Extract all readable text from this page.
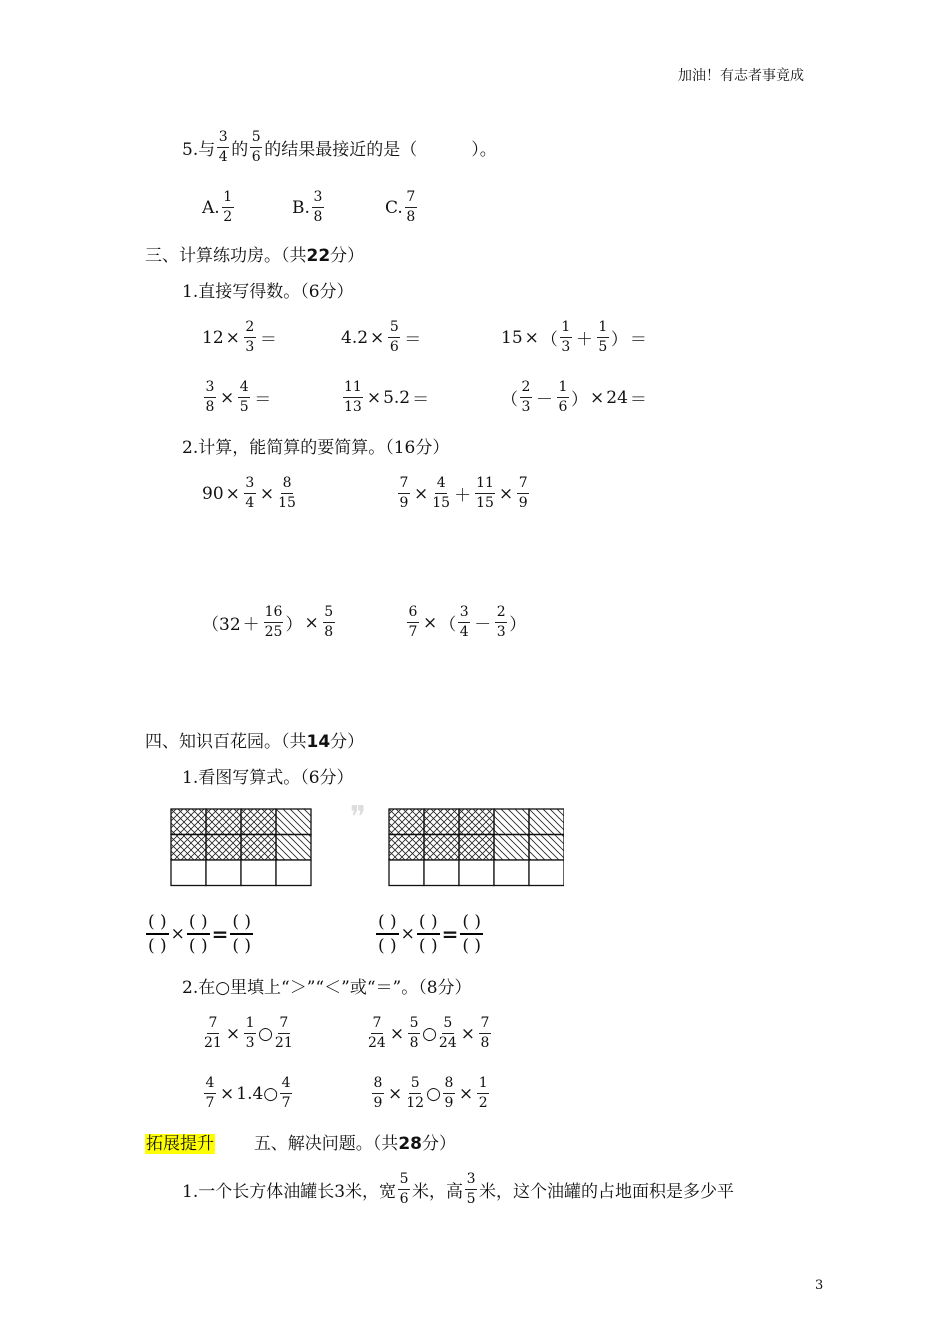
加油！有志者事竟成
3
5.与
3
4 的
5
6 的结果最接近的是（	）。
A.
1
2	B.
3
8	C.
7
8
三、计算练功房。（共22分）
1.直接写得数。（6分）
$12 \times \frac{2}{3}$ ＝	$4.2 \times \frac{5}{6}$ ＝	15 × （
1
3 ＋
1
5 ） ＝
$\frac{3}{8} \times \frac{4}{5}$ ＝	$\frac{11}{13} \times 5.2$ ＝	（
2
3 －
1
6 ） × 24 ＝
2.计算，能简算的要简算。（16分）
$90 \times \frac{3}{4} \times \frac{8}{15}$	$\frac{7}{9} \times \frac{4}{15} + \frac{11}{15} \times \frac{7}{9}$
（32 ＋
16
25 ） × $\frac{5}{8}$	$\frac{6}{7}$ × （
3
4 －
2
3 ）
四、知识百花园。（共14分）
1.看图写算式。（6分）
❞
( )
( )
×
( )
( ) = ( )
( )
( )
( )
×
( )
( ) = ( )
( )
2.在○里填上“＞”“＜”或“＝”。（8分）
$\frac{7}{21} \times \frac{1}{3}$ ○
7
21	$\frac{7}{24} \times \frac{5}{8}$ ○ $\frac{5}{24} \times \frac{7}{8}$
$\frac{4}{7} \times 1.4$ ○
4
7	$\frac{8}{9} \times \frac{5}{12}$ ○ $\frac{8}{9} \times \frac{1}{2}$
拓展提升 五、解决问题。（共28分）
1.一个长方体油罐长3米，宽
5
6 米，高
3
5 米，这个油罐的占地面积是多少平
